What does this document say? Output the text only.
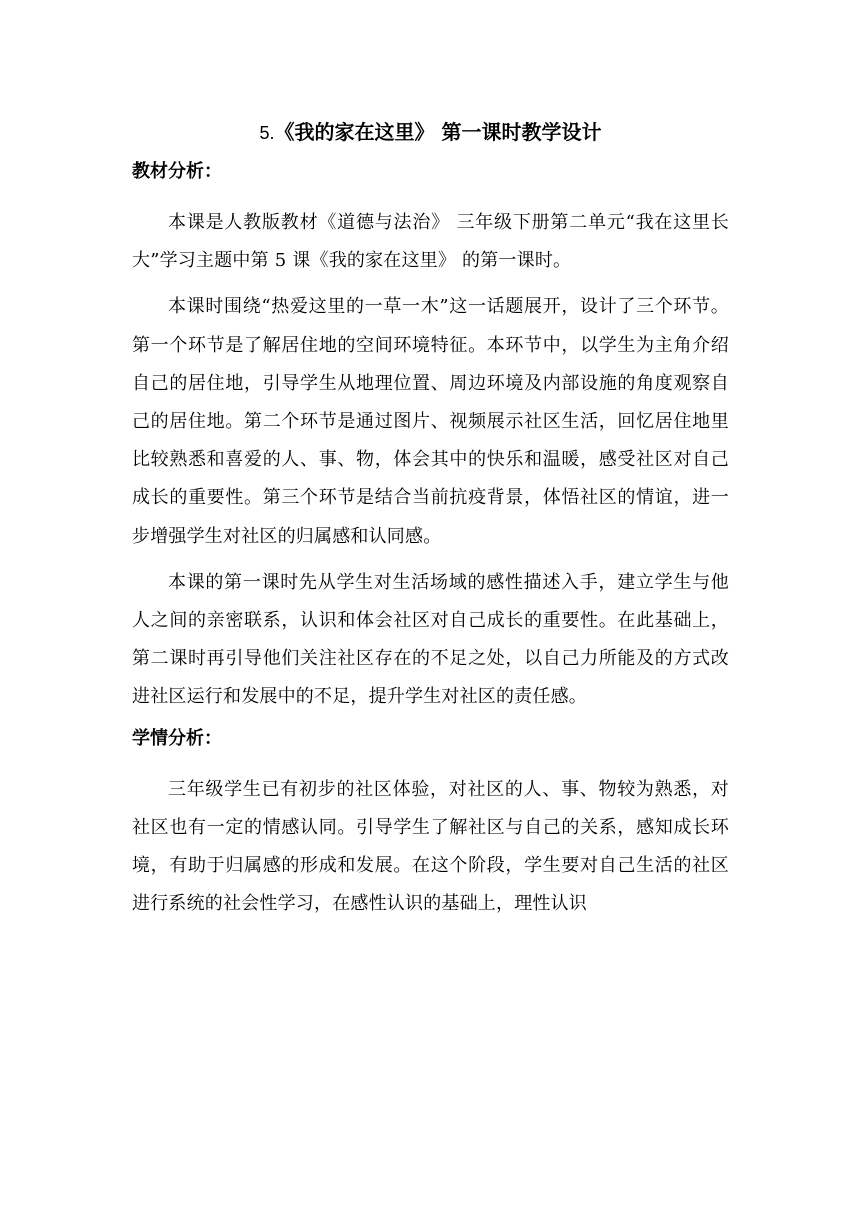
5.《我的家在这里》 第一课时教学设计
教材分析：

本课是人教版教材《道德与法治》 三年级下册第二单元“我在这里长大”学习主题中第 5 课《我的家在这里》 的第一课时。

本课时围绕“热爱这里的一草一木”这一话题展开，设计了三个环节。第一个环节是了解居住地的空间环境特征。本环节中，以学生为主角介绍自己的居住地，引导学生从地理位置、周边环境及内部设施的角度观察自己的居住地。第二个环节是通过图片、视频展示社区生活，回忆居住地里比较熟悉和喜爱的人、事、物，体会其中的快乐和温暖，感受社区对自己成长的重要性。第三个环节是结合当前抗疫背景，体悟社区的情谊，进一步增强学生对社区的归属感和认同感。

本课的第一课时先从学生对生活场域的感性描述入手，建立学生与他人之间的亲密联系，认识和体会社区对自己成长的重要性。在此基础上，第二课时再引导他们关注社区存在的不足之处，以自己力所能及的方式改进社区运行和发展中的不足，提升学生对社区的责任感。

学情分析：

三年级学生已有初步的社区体验，对社区的人、事、物较为熟悉，对社区也有一定的情感认同。引导学生了解社区与自己的关系，感知成长环境，有助于归属感的形成和发展。在这个阶段，学生要对自己生活的社区进行系统的社会性学习，在感性认识的基础上，理性认识
